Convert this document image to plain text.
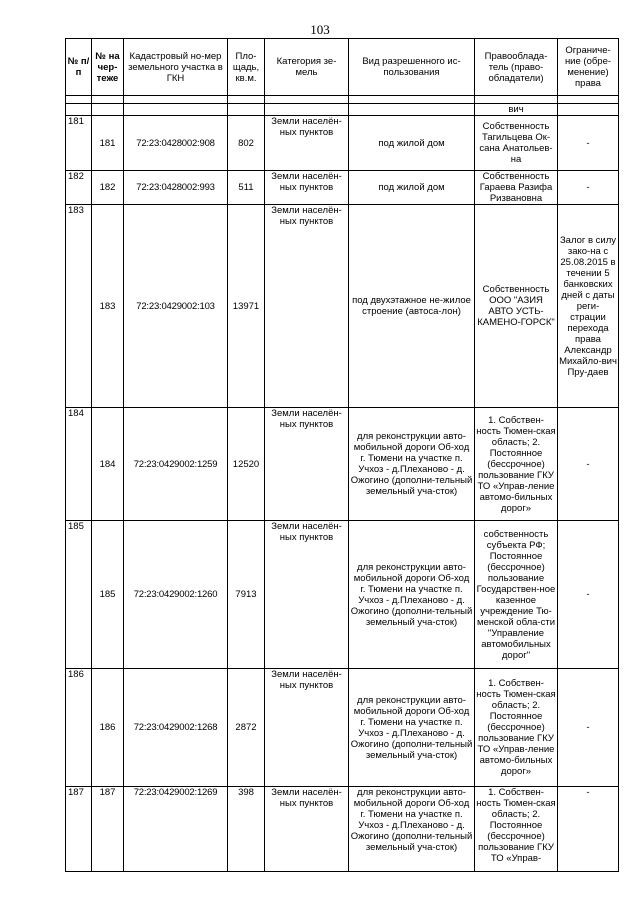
103
№ п/п	№ на чер-теже	Кадастровый но-мер земельного участка в ГКН	Пло-щадь, кв.м.	Категория зе-мель	Вид разрешенного ис-пользования	Правооблада-тель (право-обладатели)	Ограниче-ние (обре-менение) права

						вич	
181	181	72:23:0428002:908	802	Земли населён-ных пунктов	под жилой дом	Собственность Тагильцева Ок-сана Анатольев-на	-
182	182	72:23:0428002:993	511	Земли населён-ных пунктов	под жилой дом	Собственность Гараева Разифа Ризвановна	-
183	183	72:23:0429002:103	13971	Земли населён-ных пунктов	под двухэтажное не-жилое строение (автоса-лон)	Собственность ООО "АЗИЯ АВТО УСТЬ-КАМЕНО-ГОРСК"	Залог в силу зако-на с 25.08.2015 в течении 5 банковских дней с даты реги-страции перехода права Александр Михайло-вич Пру-даев
184	184	72:23:0429002:1259	12520	Земли населён-ных пунктов	для реконструкции авто-мобильной дороги Об-ход г. Тюмени на участке п. Учхоз - д.Плеханово - д. Ожогино (дополни-тельный земельный уча-сток)	1. Собствен-ность Тюмен-ская область; 2. Постоянное (бессрочное) пользование ГКУ ТО «Управ-ление автомо-бильных дорог»	-
185	185	72:23:0429002:1260	7913	Земли населён-ных пунктов	для реконструкции авто-мобильной дороги Об-ход г. Тюмени на участке п. Учхоз - д.Плеханово - д. Ожогино (дополни-тельный земельный уча-сток)	собственность субъекта РФ; Постоянное (бессрочное) пользование Государствен-ное казенное учреждение Тю-менской обла-сти "Управление автомобильных дорог"	-
186	186	72:23:0429002:1268	2872	Земли населён-ных пунктов	для реконструкции авто-мобильной дороги Об-ход г. Тюмени на участке п. Учхоз - д.Плеханово - д. Ожогино (дополни-тельный земельный уча-сток)	1. Собствен-ность Тюмен-ская область; 2. Постоянное (бессрочное) пользование ГКУ ТО «Управ-ление автомо-бильных дорог»	-
187	187	72:23:0429002:1269	398	Земли населён-ных пунктов	для реконструкции авто-мобильной дороги Об-ход г. Тюмени на участке п. Учхоз - д.Плеханово - д. Ожогино (дополни-тельный земельный уча-сток)	1. Собствен-ность Тюмен-ская область; 2. Постоянное (бессрочное) пользование ГКУ ТО «Управ-	-
